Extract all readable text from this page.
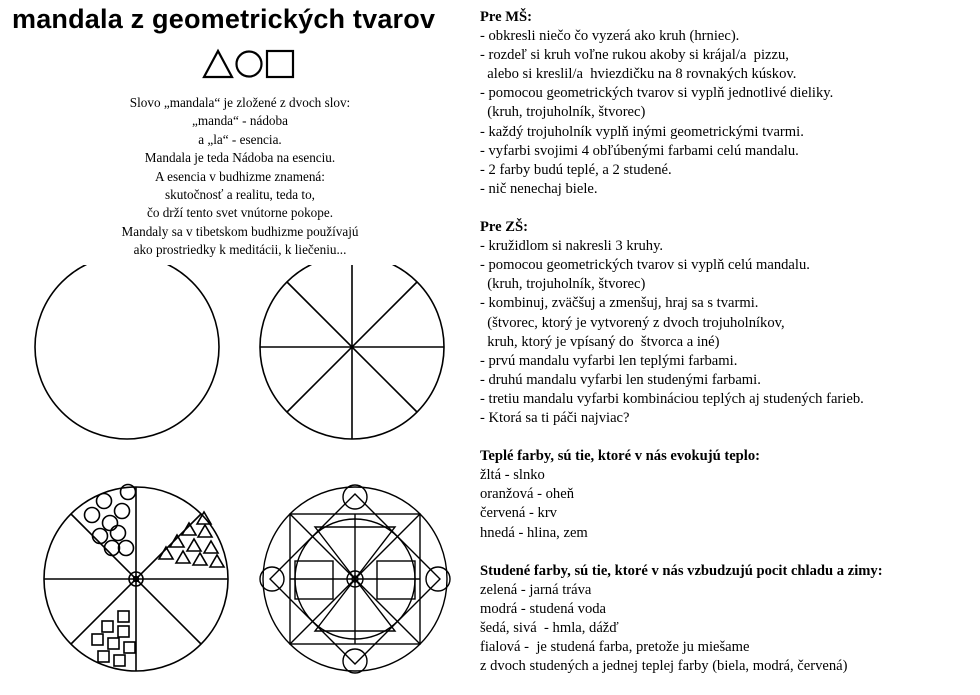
mandala z geometrických tvarov
Slovo „mandala“ je zložené z dvoch slov:
„manda“ - nádoba
a „la“ - esencia.
Mandala je teda Nádoba na esenciu.
A esencia v budhizme znamená:
skutočnosť a realitu, teda to,
čo drží tento svet vnútorne pokope.
Mandaly sa v tibetskom budhizme používajú
ako prostriedky k meditácii, k liečeniu...
Pre MŠ:
- obkresli niečo čo vyzerá ako kruh (hrniec).
- rozdeľ si kruh voľne rukou akoby si krájal/a  pizzu,
alebo si kreslil/a  hviezdičku na 8 rovnakých kúskov.
- pomocou geometrických tvarov si vyplň jednotlivé dieliky.
(kruh, trojuholník, štvorec)
- každý trojuholník vyplň inými geometrickými tvarmi.
- vyfarbi svojimi 4 obľúbenými farbami celú mandalu.
- 2 farby budú teplé, a 2 studené.
- nič nenechaj biele.
Pre ZŠ:
- kružidlom si nakresli 3 kruhy.
- pomocou geometrických tvarov si vyplň celú mandalu.
(kruh, trojuholník, štvorec)
- kombinuj, zväčšuj a zmenšuj, hraj sa s tvarmi.
(štvorec, ktorý je vytvorený z dvoch trojuholníkov,
kruh, ktorý je vpísaný do  štvorca a iné)
- prvú mandalu vyfarbi len teplými farbami.
- druhú mandalu vyfarbi len studenými farbami.
- tretiu mandalu vyfarbi kombináciou teplých aj studených farieb.
- Ktorá sa ti páči najviac?
Teplé farby, sú tie, ktoré v nás evokujú teplo:
žltá - slnko
oranžová - oheň
červená - krv
hnedá - hlina, zem
Studené farby, sú tie, ktoré v nás vzbudzujú pocit chladu a zimy:
zelená - jarná tráva
modrá - studená voda
šedá, sivá  - hmla, dážď
fialová -  je studená farba, pretože ju miešame
z dvoch studených a jednej teplej farby (biela, modrá, červená)
